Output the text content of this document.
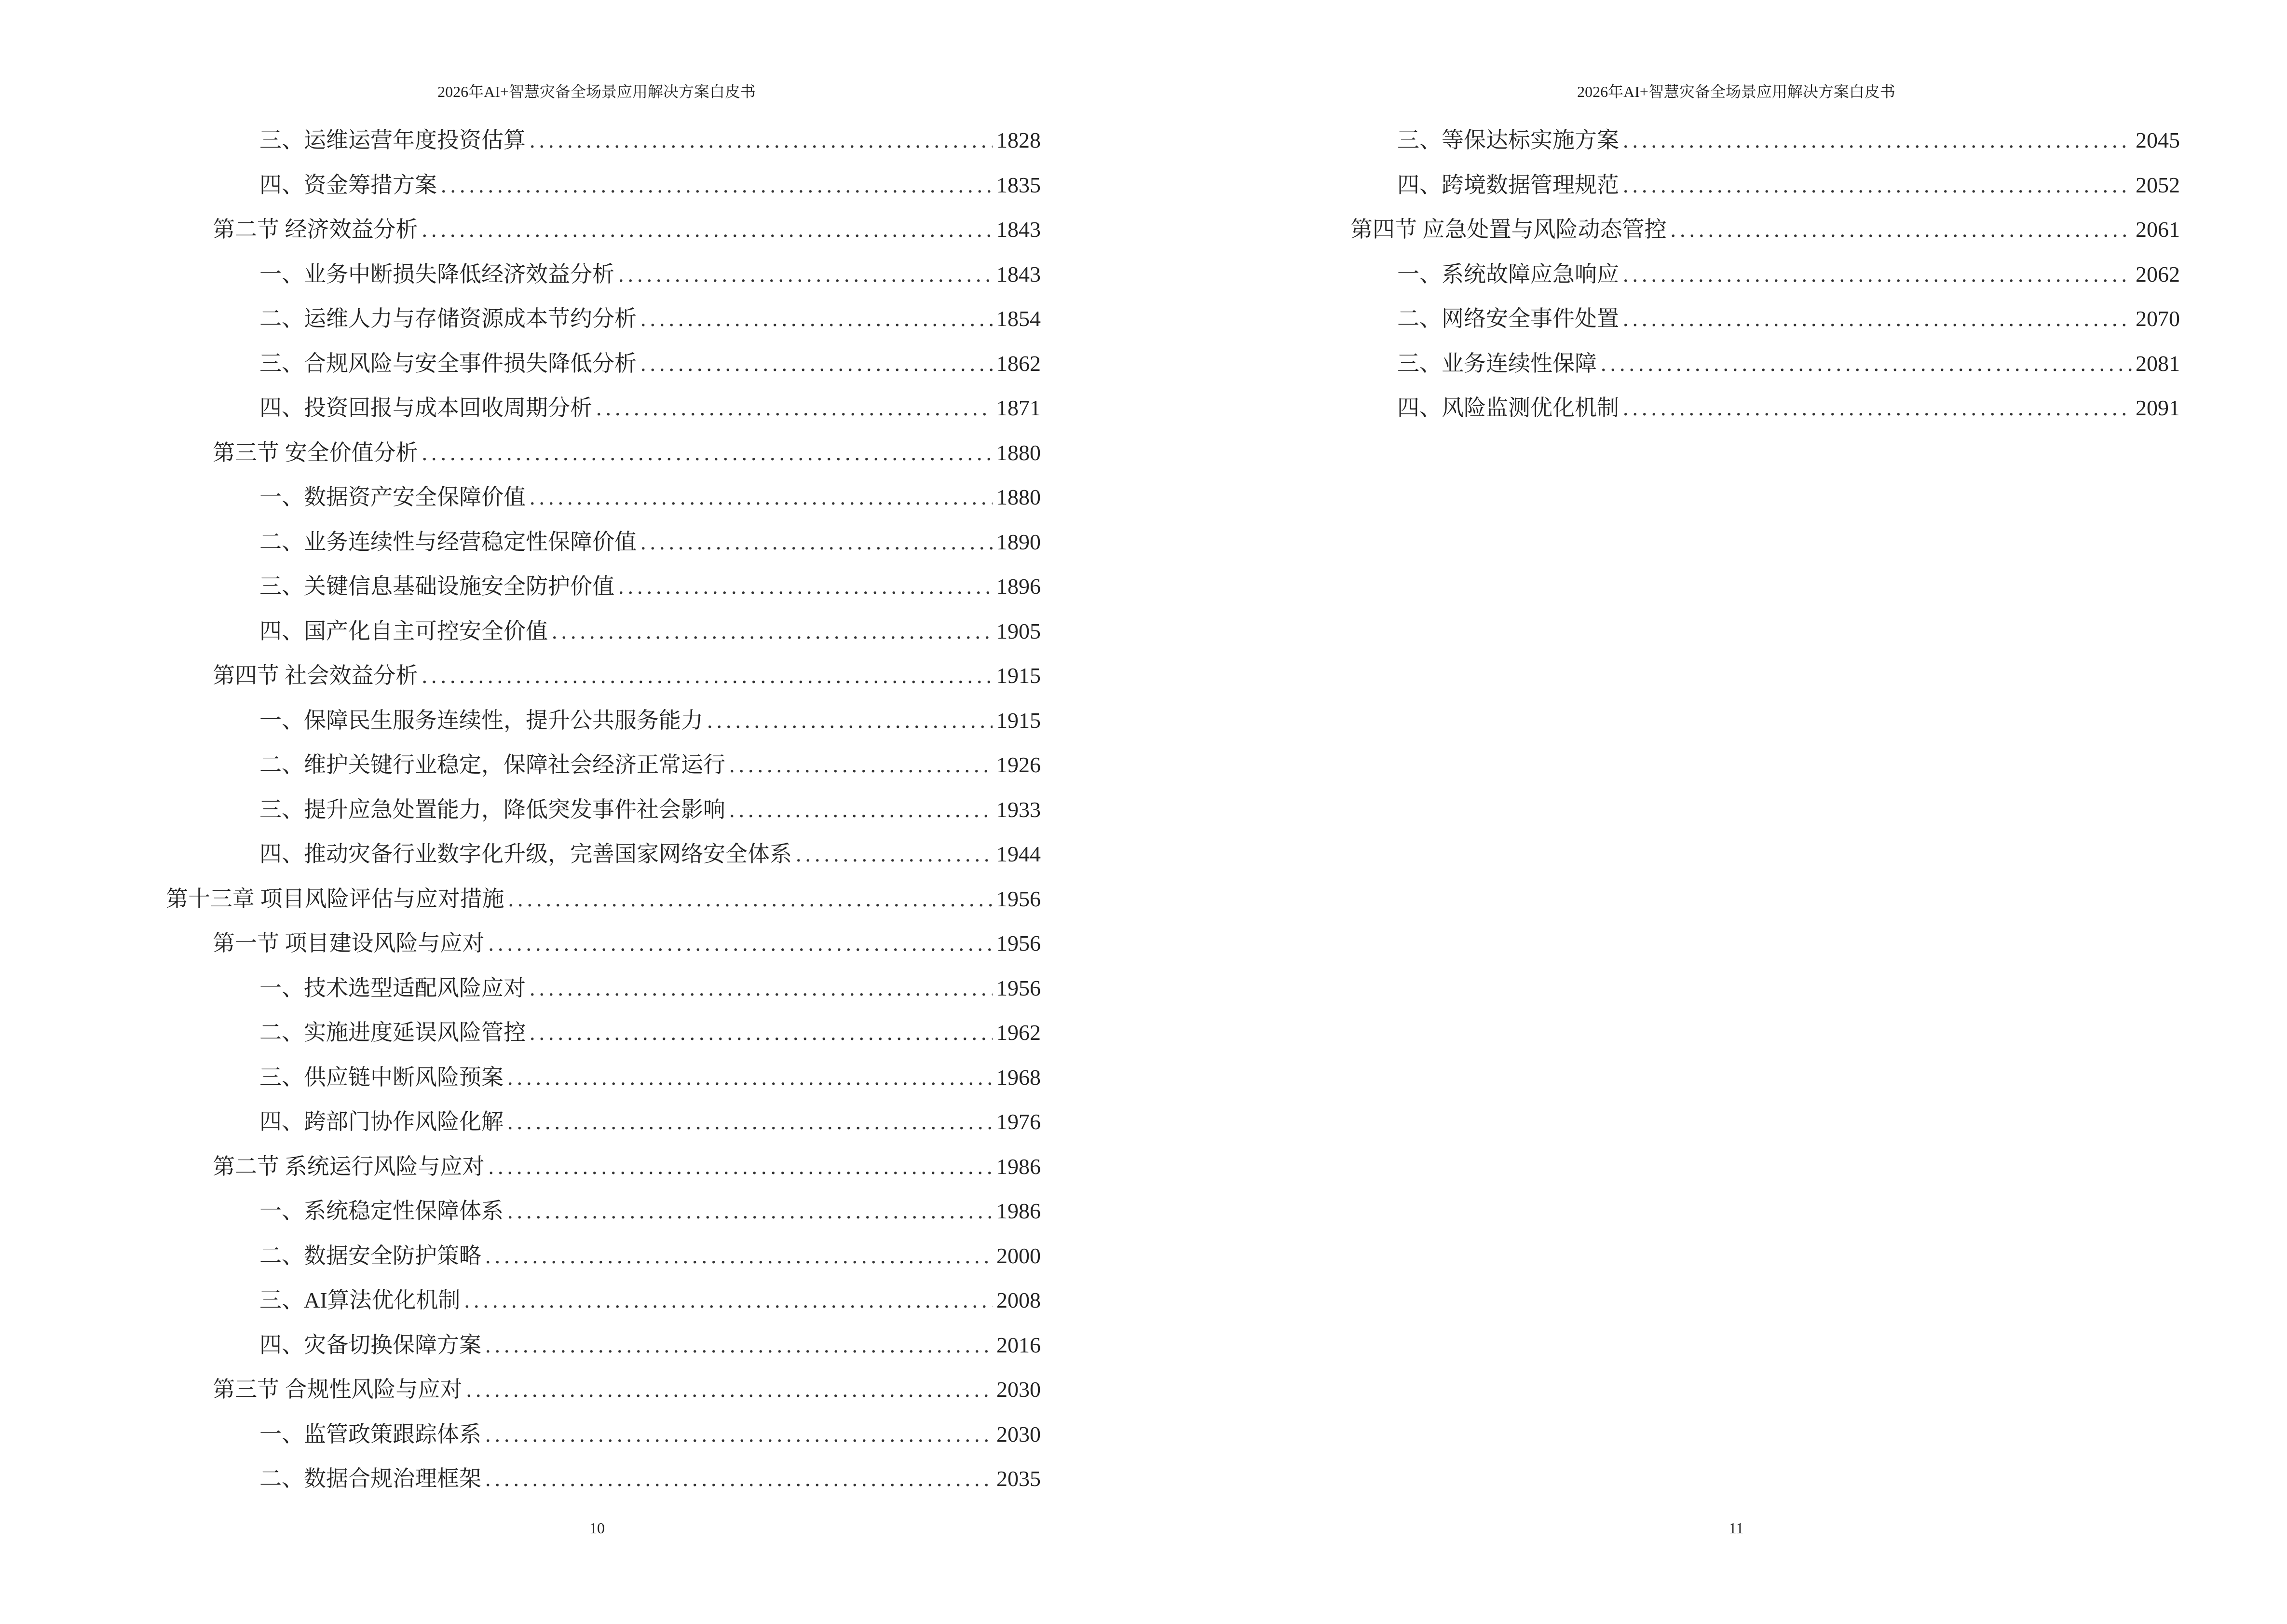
2026年AI+智慧灾备全场景应用解决方案白皮书
三、运维运营年度投资估算 .....	1828
四、资金筹措方案 .....	1835
第二节 经济效益分析 .....	1843
一、业务中断损失降低经济效益分析 .....	1843
二、运维人力与存储资源成本节约分析 .....	1854
三、合规风险与安全事件损失降低分析 .....	1862
四、投资回报与成本回收周期分析 .....	1871
第三节 安全价值分析 .....	1880
一、数据资产安全保障价值 .....	1880
二、业务连续性与经营稳定性保障价值 .....	1890
三、关键信息基础设施安全防护价值 .....	1896
四、国产化自主可控安全价值 .....	1905
第四节 社会效益分析 .....	1915
一、保障民生服务连续性，提升公共服务能力 .....	1915
二、维护关键行业稳定，保障社会经济正常运行 .....	1926
三、提升应急处置能力，降低突发事件社会影响 .....	1933
四、推动灾备行业数字化升级，完善国家网络安全体系 .....	1944
第十三章 项目风险评估与应对措施 .....	1956
第一节 项目建设风险与应对 .....	1956
一、技术选型适配风险应对 .....	1956
二、实施进度延误风险管控 .....	1962
三、供应链中断风险预案 .....	1968
四、跨部门协作风险化解 .....	1976
第二节 系统运行风险与应对 .....	1986
一、系统稳定性保障体系 .....	1986
二、数据安全防护策略 .....	2000
三、AI算法优化机制 .....	2008
四、灾备切换保障方案 .....	2016
第三节 合规性风险与应对 .....	2030
一、监管政策跟踪体系 .....	2030
二、数据合规治理框架 .....	2035
10
2026年AI+智慧灾备全场景应用解决方案白皮书
三、等保达标实施方案 .....	2045
四、跨境数据管理规范 .....	2052
第四节 应急处置与风险动态管控 .....	2061
一、系统故障应急响应 .....	2062
二、网络安全事件处置 .....	2070
三、业务连续性保障 .....	2081
四、风险监测优化机制 .....	2091
11
